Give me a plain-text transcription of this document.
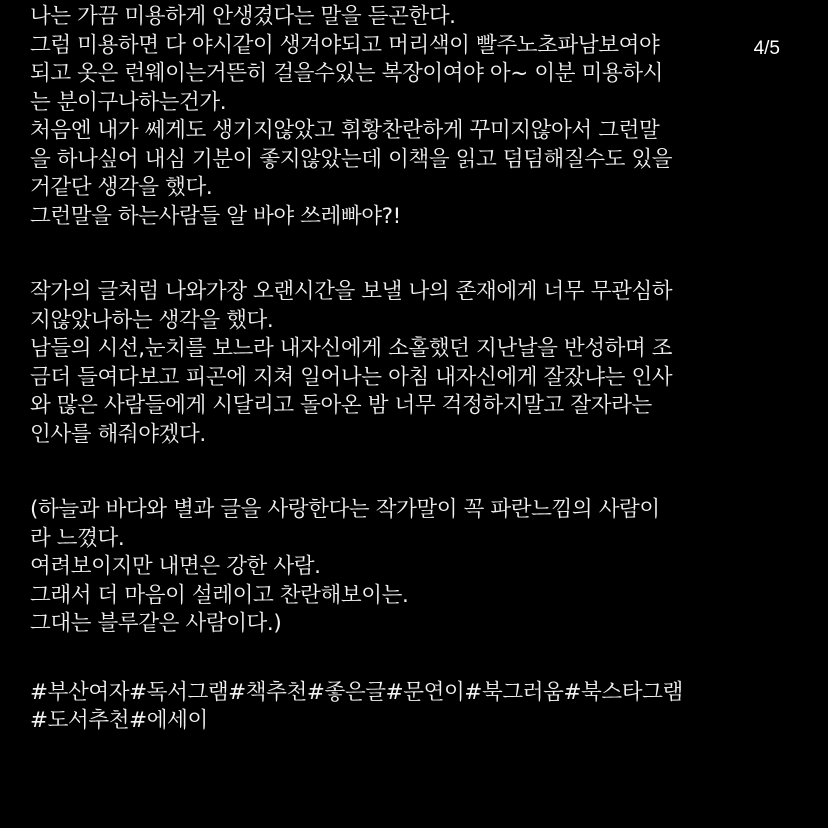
나는 가끔 미용하게 안생겼다는 말을 듣곤한다.
그럼 미용하면 다 야시같이 생겨야되고 머리색이 빨주노초파남보여야
되고 옷은 런웨이는거뜬히 걸을수있는 복장이여야 아~ 이분 미용하시
는 분이구나하는건가.
처음엔 내가 쎄게도 생기지않았고 휘황찬란하게 꾸미지않아서 그런말
을 하나싶어 내심 기분이 좋지않았는데 이책을 읽고 덤덤해질수도 있을
거같단 생각을 했다.
그런말을 하는사람들 알 바야 쓰레빠야?!
작가의 글처럼 나와가장 오랜시간을 보낼 나의 존재에게 너무 무관심하
지않았나하는 생각을 했다.
남들의 시선,눈치를 보느라 내자신에게 소홀했던 지난날을 반성하며 조
금더 들여다보고 피곤에 지쳐 일어나는 아침 내자신에게 잘잤냐는 인사
와 많은 사람들에게 시달리고 돌아온 밤 너무 걱정하지말고 잘자라는
인사를 해줘야겠다.
(하늘과 바다와 별과 글을 사랑한다는 작가말이 꼭 파란느낌의 사람이
라 느꼈다.
여려보이지만 내면은 강한 사람.
그래서 더 마음이 설레이고 찬란해보이는.
그대는 블루같은 사람이다.)
#부산여자#독서그램#책추천#좋은글#문연이#북그러움#북스타그램
#도서추천#에세이
4/5
